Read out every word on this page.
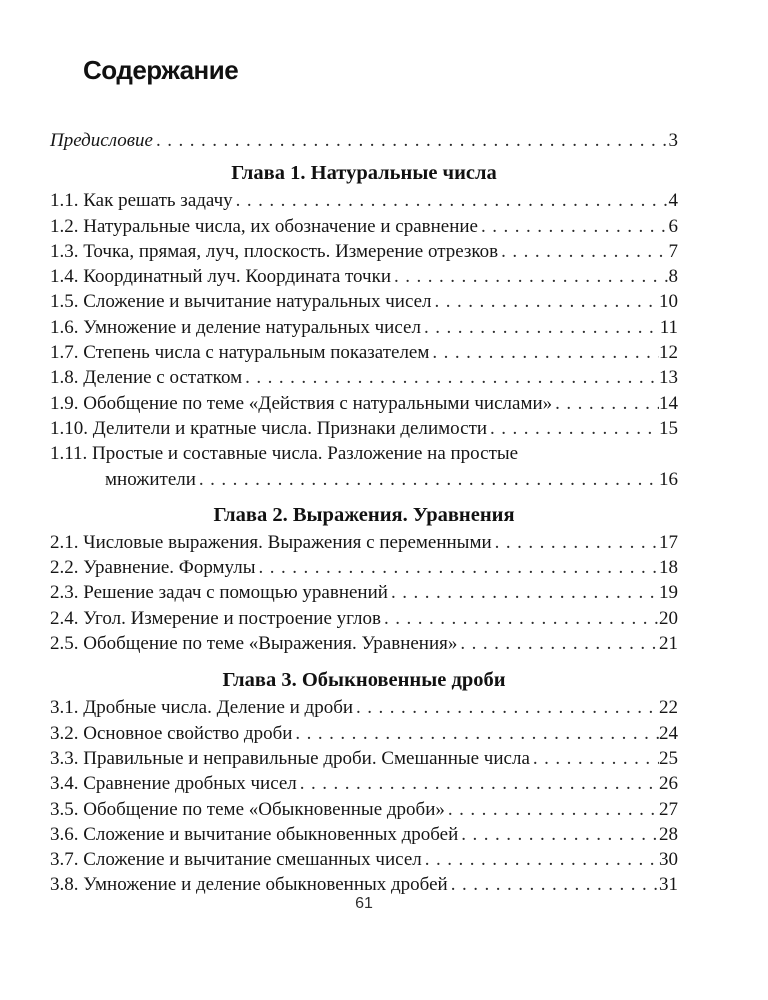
Содержание
Предисловие .....	3
Глава 1. Натуральные числа
1.1. Как решать задачу .....	4
1.2. Натуральные числа, их обозначение и сравнение .....	6
1.3. Точка, прямая, луч, плоскость. Измерение отрезков .....	7
1.4. Координатный луч. Координата точки .....	8
1.5. Сложение и вычитание натуральных чисел .....	10
1.6. Умножение и деление натуральных чисел .....	11
1.7. Степень числа с натуральным показателем .....	12
1.8. Деление с остатком .....	13
1.9. Обобщение по теме «Действия с натуральными числами» .....	14
1.10. Делители и кратные числа. Признаки делимости .....	15
1.11. Простые и составные числа. Разложение на простые
множители .....	16
Глава 2. Выражения. Уравнения
2.1. Числовые выражения. Выражения с переменными .....	17
2.2. Уравнение. Формулы .....	18
2.3. Решение задач с помощью уравнений .....	19
2.4. Угол. Измерение и построение углов .....	20
2.5. Обобщение по теме «Выражения. Уравнения» .....	21
Глава 3. Обыкновенные дроби
3.1. Дробные числа. Деление и дроби .....	22
3.2. Основное свойство дроби .....	24
3.3. Правильные и неправильные дроби. Смешанные числа .....	25
3.4. Сравнение дробных чисел .....	26
3.5. Обобщение по теме «Обыкновенные дроби» .....	27
3.6. Сложение и вычитание обыкновенных дробей .....	28
3.7. Сложение и вычитание смешанных чисел .....	30
3.8. Умножение и деление обыкновенных дробей .....	31
61
